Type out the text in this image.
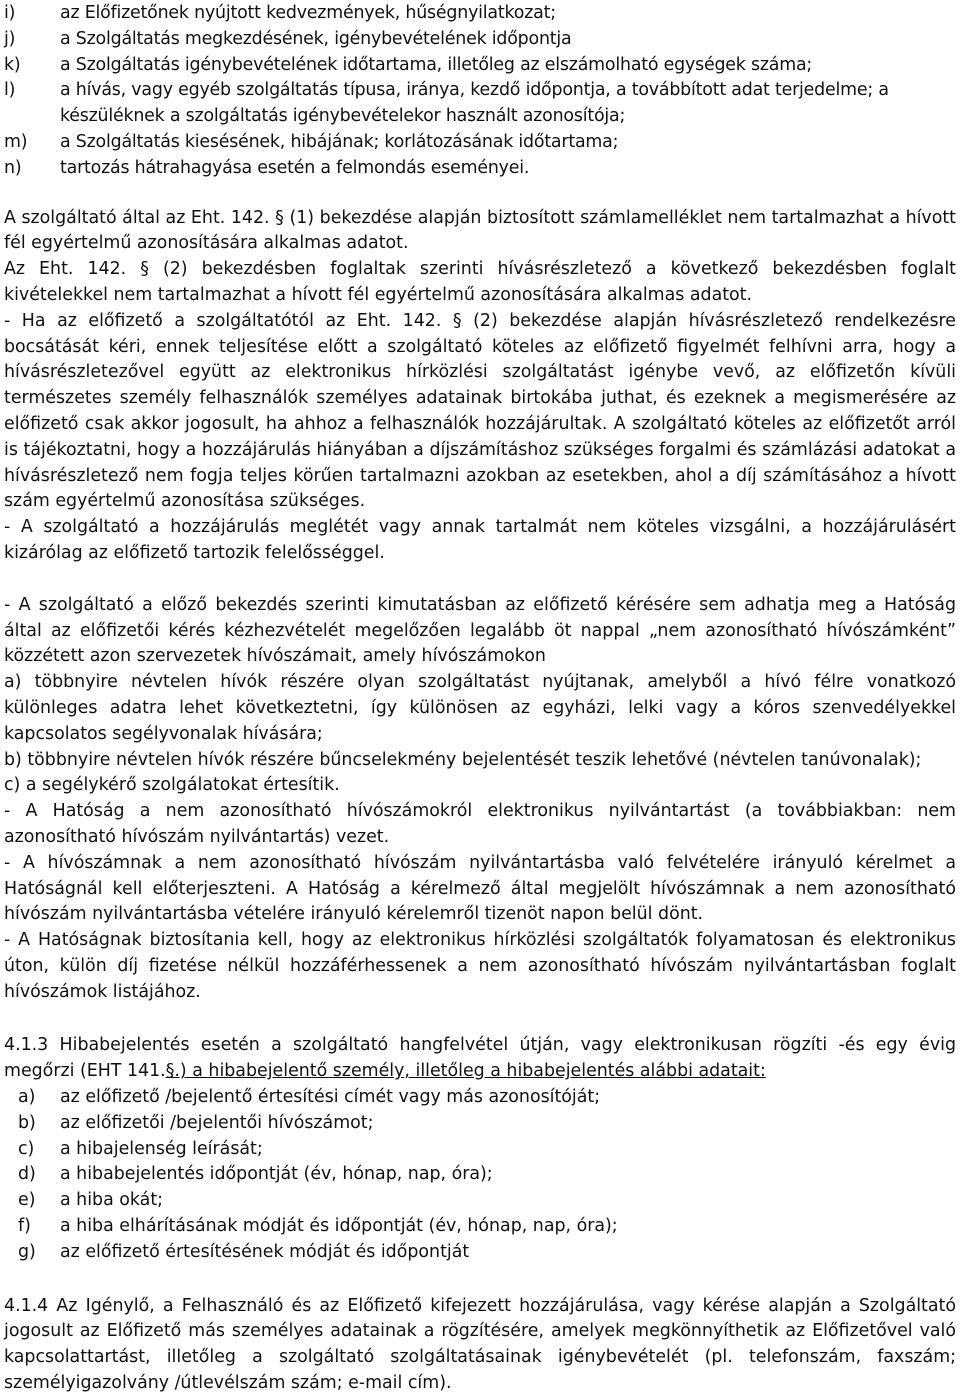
i)	az Előfizetőnek nyújtott kedvezmények, hűségnyilatkozat;
j)	a Szolgáltatás megkezdésének, igénybevételének időpontja
k) a Szolgáltatás igénybevételének időtartama, illetőleg az elszámolható egységek száma;
l)	a hívás, vagy egyéb szolgáltatás típusa, iránya, kezdő időpontja, a továbbított adat terjedelme; a készüléknek a szolgáltatás igénybevételekor használt azonosítója;
m) a Szolgáltatás kiesésének, hibájának; korlátozásának időtartama;
n) tartozás hátrahagyása esetén a felmondás eseményei.

A szolgáltató által az Eht. 142. § (1) bekezdése alapján biztosított számlamelléklet nem tartalmazhat a hívott fél egyértelmű azonosítására alkalmas adatot.

Az Eht. 142. § (2) bekezdésben foglaltak szerinti hívásrészletező a következő bekezdésben foglalt kivételekkel nem tartalmazhat a hívott fél egyértelmű azonosítására alkalmas adatot.

- Ha az előfizető a szolgáltatótól az Eht. 142. § (2) bekezdése alapján hívásrészletező rendelkezésre bocsátását kéri, ennek teljesítése előtt a szolgáltató köteles az előfizető figyelmét felhívni arra, hogy a hívásrészletezővel együtt az elektronikus hírközlési szolgáltatást igénybe vevő, az előfizetőn kívüli természetes személy felhasználók személyes adatainak birtokába juthat, és ezeknek a megismerésére az előfizető csak akkor jogosult, ha ahhoz a felhasználók hozzájárultak. A szolgáltató köteles az előfizetőt arról is tájékoztatni, hogy a hozzájárulás hiányában a díjszámításhoz szükséges forgalmi és számlázási adatokat a hívásrészletező nem fogja teljes körűen tartalmazni azokban az esetekben, ahol a díj számításához a hívott szám egyértelmű azonosítása szükséges.

- A szolgáltató a hozzájárulás meglétét vagy annak tartalmát nem köteles vizsgálni, a hozzájárulásért kizárólag az előfizető tartozik felelősséggel.

- A szolgáltató a előző bekezdés szerinti kimutatásban az előfizető kérésére sem adhatja meg a Hatóság által az előfizetői kérés kézhezvételét megelőzően legalább öt nappal „nem azonosítható hívószámként” közzétett azon szervezetek hívószámait, amely hívószámokon

a) többnyire névtelen hívók részére olyan szolgáltatást nyújtanak, amelyből a hívó félre vonatkozó különleges adatra lehet következtetni, így különösen az egyházi, lelki vagy a kóros szenvedélyekkel kapcsolatos segélyvonalak hívására;

b) többnyire névtelen hívók részére bűncselekmény bejelentését teszik lehetővé (névtelen tanúvonalak);

c) a segélykérő szolgálatokat értesítik.

- A Hatóság a nem azonosítható hívószámokról elektronikus nyilvántartást (a továbbiakban: nem azonosítható hívószám nyilvántartás) vezet.

- A hívószámnak a nem azonosítható hívószám nyilvántartásba való felvételére irányuló kérelmet a Hatóságnál kell előterjeszteni. A Hatóság a kérelmező által megjelölt hívószámnak a nem azonosítható hívószám nyilvántartásba vételére irányuló kérelemről tizenöt napon belül dönt.

- A Hatóságnak biztosítania kell, hogy az elektronikus hírközlési szolgáltatók folyamatosan és elektronikus úton, külön díj fizetése nélkül hozzáférhessenek a nem azonosítható hívószám nyilvántartásban foglalt hívószámok listájához.

4.1.3 Hibabejelentés esetén a szolgáltató hangfelvétel útján, vagy elektronikusan rögzíti -és egy évig megőrzi (EHT 141.§.) a hibabejelentő személy, illetőleg a hibabejelentés alábbi adatait:

a) az előfizető /bejelentő értesítési címét vagy más azonosítóját;
b) az előfizetői /bejelentői hívószámot;
c) a hibajelenség leírását;
d) a hibabejelentés időpontját (év, hónap, nap, óra);
e) a hiba okát;
f) a hiba elhárításának módját és időpontját (év, hónap, nap, óra);
g) az előfizető értesítésének módját és időpontját

4.1.4 Az Igénylő, a Felhasználó és az Előfizető kifejezett hozzájárulása, vagy kérése alapján a Szolgáltató jogosult az Előfizető más személyes adatainak a rögzítésére, amelyek megkönnyíthetik az Előfizetővel való kapcsolattartást, illetőleg a szolgáltató szolgáltatásainak igénybevételét (pl. telefonszám, faxszám; személyigazolvány /útlevélszám szám; e-mail cím).
